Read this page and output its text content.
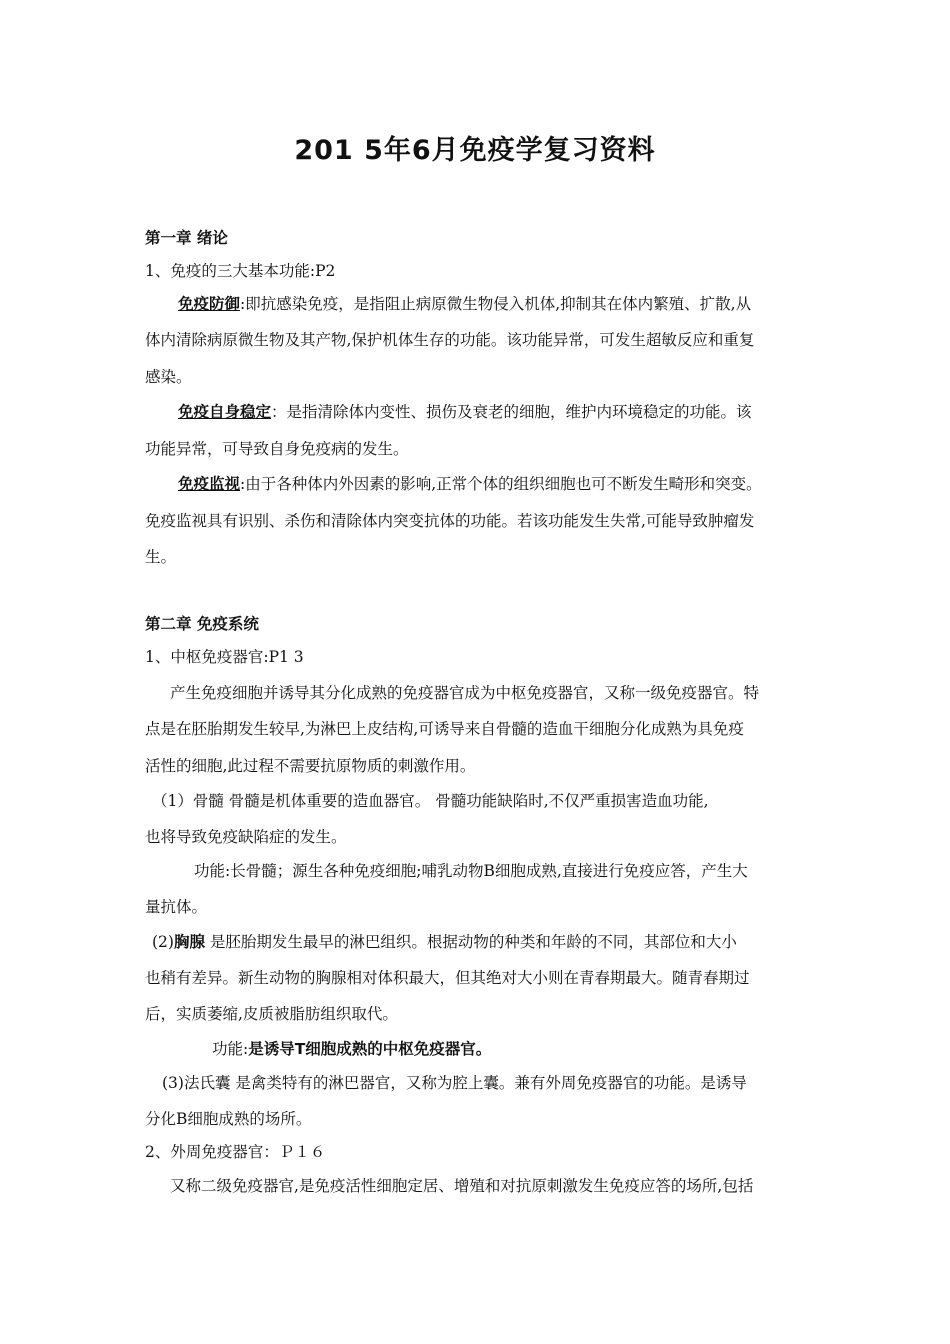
201 5年6月免疫学复习资料

第一章 绪论

1、免疫的三大基本功能:P2

免疫防御:即抗感染免疫，是指阻止病原微生物侵入机体,抑制其在体内繁殖、扩散,从

体内清除病原微生物及其产物,保护机体生存的功能。该功能异常，可发生超敏反应和重复

感染。

免疫自身稳定：是指清除体内变性、损伤及衰老的细胞，维护内环境稳定的功能。该

功能异常，可导致自身免疫病的发生。

免疫监视:由于各种体内外因素的影响,正常个体的组织细胞也可不断发生畸形和突变。

免疫监视具有识别、杀伤和清除体内突变抗体的功能。若该功能发生失常,可能导致肿瘤发

生。

第二章 免疫系统

1、中枢免疫器官:P1 3

产生免疫细胞并诱导其分化成熟的免疫器官成为中枢免疫器官，又称一级免疫器官。特

点是在胚胎期发生较早,为淋巴上皮结构,可诱导来自骨髓的造血干细胞分化成熟为具免疫

活性的细胞,此过程不需要抗原物质的刺激作用。

（1）骨髓 骨髓是机体重要的造血器官。 骨髓功能缺陷时,不仅严重损害造血功能,

也将导致免疫缺陷症的发生。

功能:长骨髓；源生各种免疫细胞;哺乳动物B细胞成熟,直接进行免疫应答，产生大

量抗体。

(2)胸腺 是胚胎期发生最早的淋巴组织。根据动物的种类和年龄的不同，其部位和大小

也稍有差异。新生动物的胸腺相对体积最大，但其绝对大小则在青春期最大。随青春期过

后，实质萎缩,皮质被脂肪组织取代。

功能:是诱导T细胞成熟的中枢免疫器官。

(3)法氏囊 是禽类特有的淋巴器官，又称为腔上囊。兼有外周免疫器官的功能。是诱导

分化B细胞成熟的场所。

2、外周免疫器官：Ｐ１６

又称二级免疫器官,是免疫活性细胞定居、增殖和对抗原刺激发生免疫应答的场所,包括
